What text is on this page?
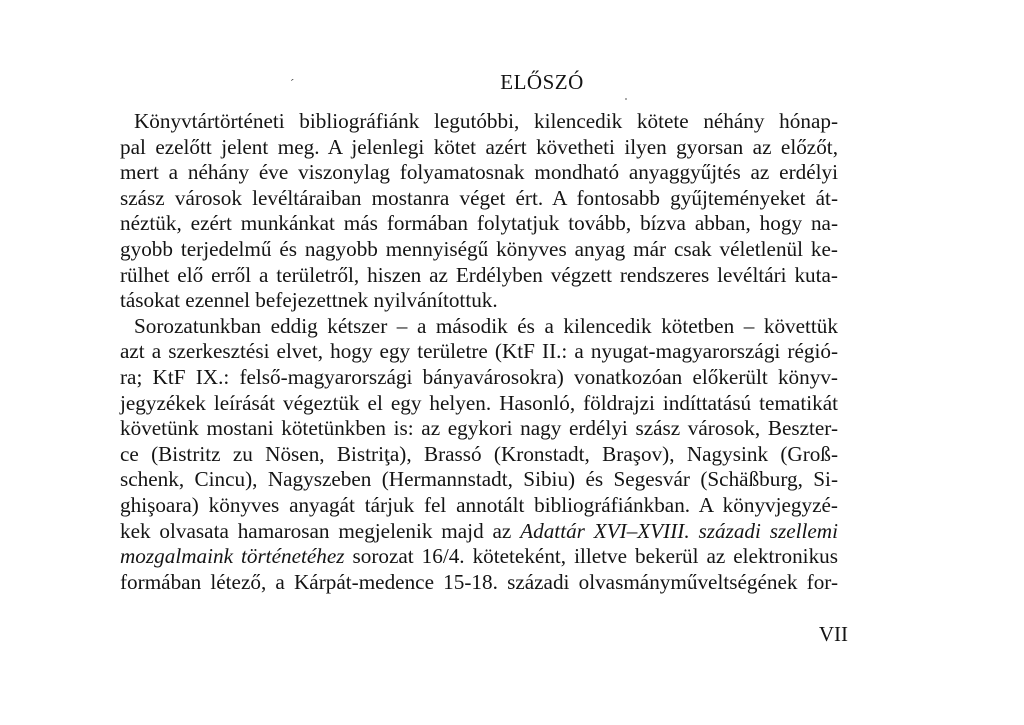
´	ELŐSZÓ
Könyvtártörténeti bibliográfiánk legutóbbi, kilencedik kötete néhány hónap-
pal ezelőtt jelent meg. A jelenlegi kötet azért követheti ilyen gyorsan az előzőt,
mert a néhány éve viszonylag folyamatosnak mondható anyaggyűjtés az erdélyi
szász városok levéltáraiban mostanra véget ért. A fontosabb gyűjteményeket át-
néztük, ezért munkánkat más formában folytatjuk tovább, bízva abban, hogy na-
gyobb terjedelmű és nagyobb mennyiségű könyves anyag már csak véletlenül ke-
rülhet elő erről a területről, hiszen az Erdélyben végzett rendszeres levéltári kuta-
tásokat ezennel befejezettnek nyilvánítottuk.
Sorozatunkban eddig kétszer – a második és a kilencedik kötetben – követtük
azt a szerkesztési elvet, hogy egy területre (KtF II.: a nyugat-magyarországi régió-
ra; KtF IX.: felső-magyarországi bányavárosokra) vonatkozóan előkerült könyv-
jegyzékek leírását végeztük el egy helyen. Hasonló, földrajzi indíttatású tematikát
követünk mostani kötetünkben is: az egykori nagy erdélyi szász városok, Beszter-
ce (Bistritz zu Nösen, Bistriţa), Brassó (Kronstadt, Braşov), Nagysink (Groß-
schenk, Cincu), Nagyszeben (Hermannstadt, Sibiu) és Segesvár (Schäßburg, Si-
ghişoara) könyves anyagát tárjuk fel annotált bibliográfiánkban. A könyvjegyzé-
kek olvasata hamarosan megjelenik majd az Adattár XVI–XVIII. századi szellemi
mozgalmaink történetéhez sorozat 16/4. köteteként, illetve bekerül az elektronikus
formában létező, a Kárpát-medence 15-18. századi olvasmányműveltségének for-
VII
